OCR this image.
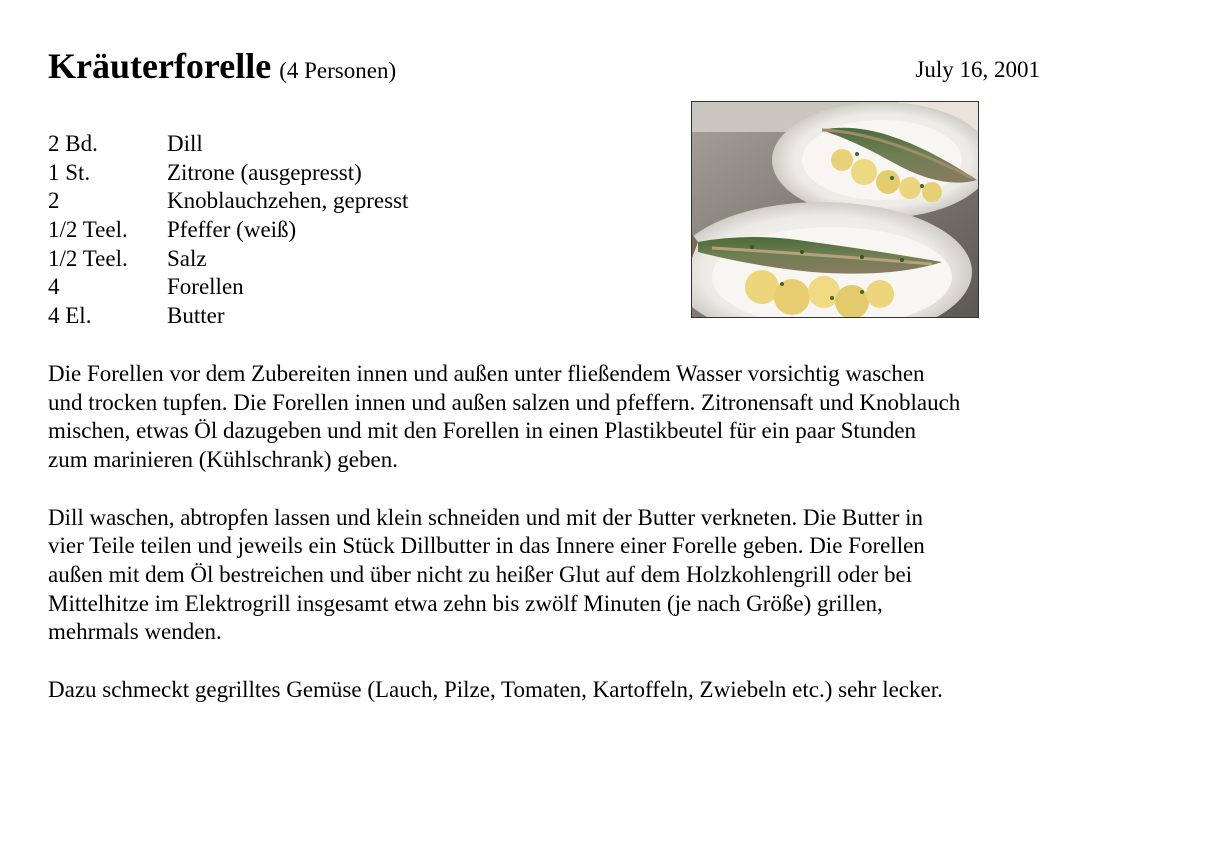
Kräuterforelle (4 Personen)	July 16, 2001
2 Bd.	Dill
1 St.	Zitrone (ausgepresst)
2	Knoblauchzehen, gepresst
1/2 Teel. Pfeffer (weiß)
1/2 Teel. Salz
4	Forellen
4 El.	Butter

Die Forellen vor dem Zubereiten innen und außen unter fließendem Wasser vorsichtig waschen
und trocken tupfen. Die Forellen innen und außen salzen und pfeffern. Zitronensaft und Knoblauch
mischen, etwas Öl dazugeben und mit den Forellen in einen Plastikbeutel für ein paar Stunden
zum marinieren (Kühlschrank) geben.

Dill waschen, abtropfen lassen und klein schneiden und mit der Butter verkneten. Die Butter in
vier Teile teilen und jeweils ein Stück Dillbutter in das Innere einer Forelle geben. Die Forellen
außen mit dem Öl bestreichen und über nicht zu heißer Glut auf dem Holzkohlengrill oder bei
Mittelhitze im Elektrogrill insgesamt etwa zehn bis zwölf Minuten (je nach Größe) grillen,
mehrmals wenden.

Dazu schmeckt gegrilltes Gemüse (Lauch, Pilze, Tomaten, Kartoffeln, Zwiebeln etc.) sehr lecker.
